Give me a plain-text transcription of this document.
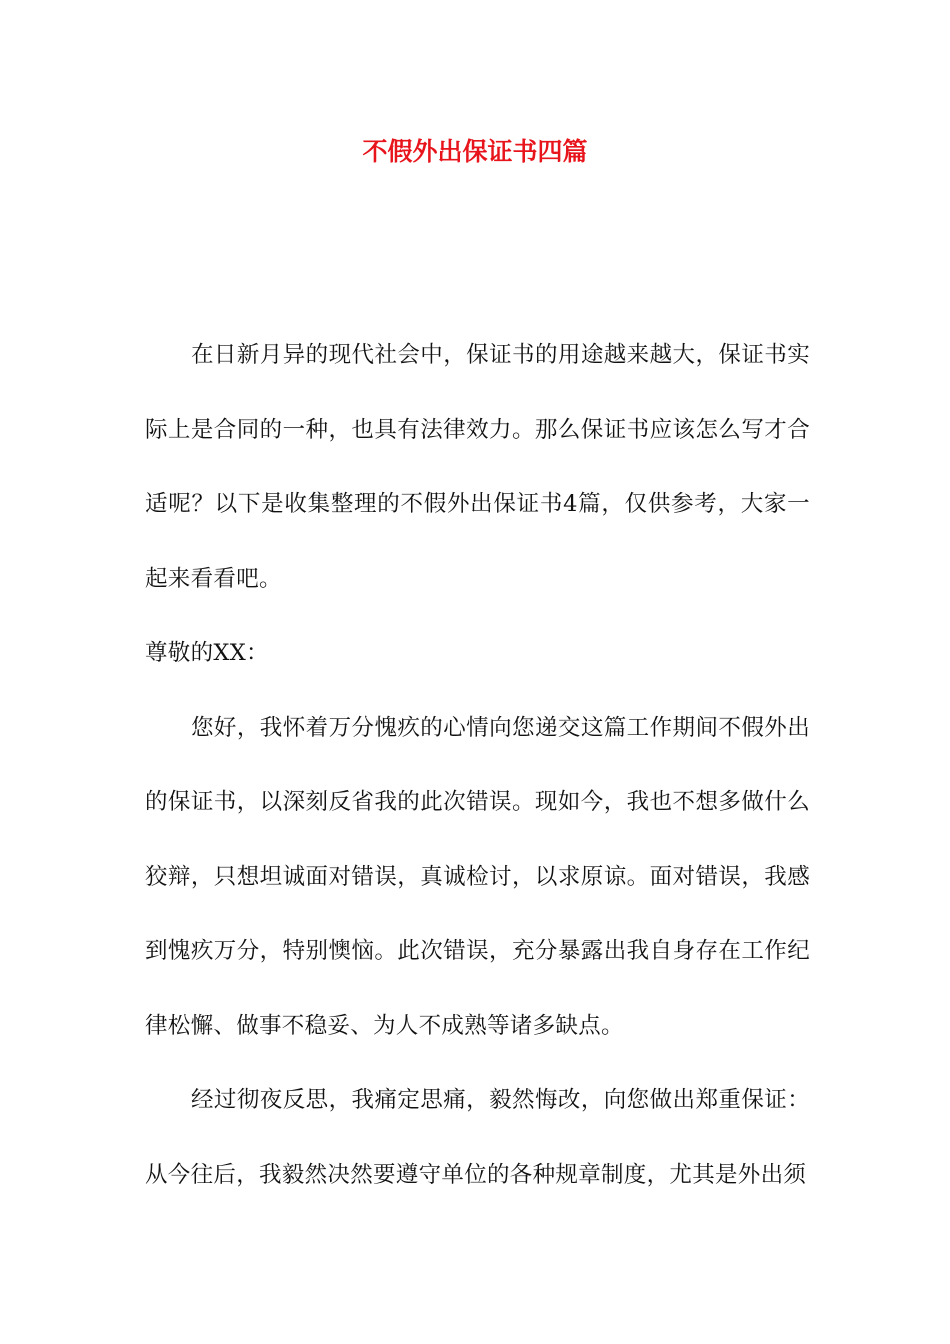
不假外出保证书四篇

在日新月异的现代社会中，保证书的用途越来越大，保证书实际上是合同的一种，也具有法律效力。那么保证书应该怎么写才合适呢？以下是收集整理的不假外出保证书4篇，仅供参考，大家一起来看看吧。

尊敬的XX：

您好，我怀着万分愧疚的心情向您递交这篇工作期间不假外出的保证书，以深刻反省我的此次错误。现如今，我也不想多做什么狡辩，只想坦诚面对错误，真诚检讨，以求原谅。面对错误，我感到愧疚万分，特别懊恼。此次错误，充分暴露出我自身存在工作纪律松懈、做事不稳妥、为人不成熟等诸多缺点。

经过彻夜反思，我痛定思痛，毅然悔改，向您做出郑重保证：从今往后，我毅然决然要遵守单位的各种规章制度，尤其是外出须
